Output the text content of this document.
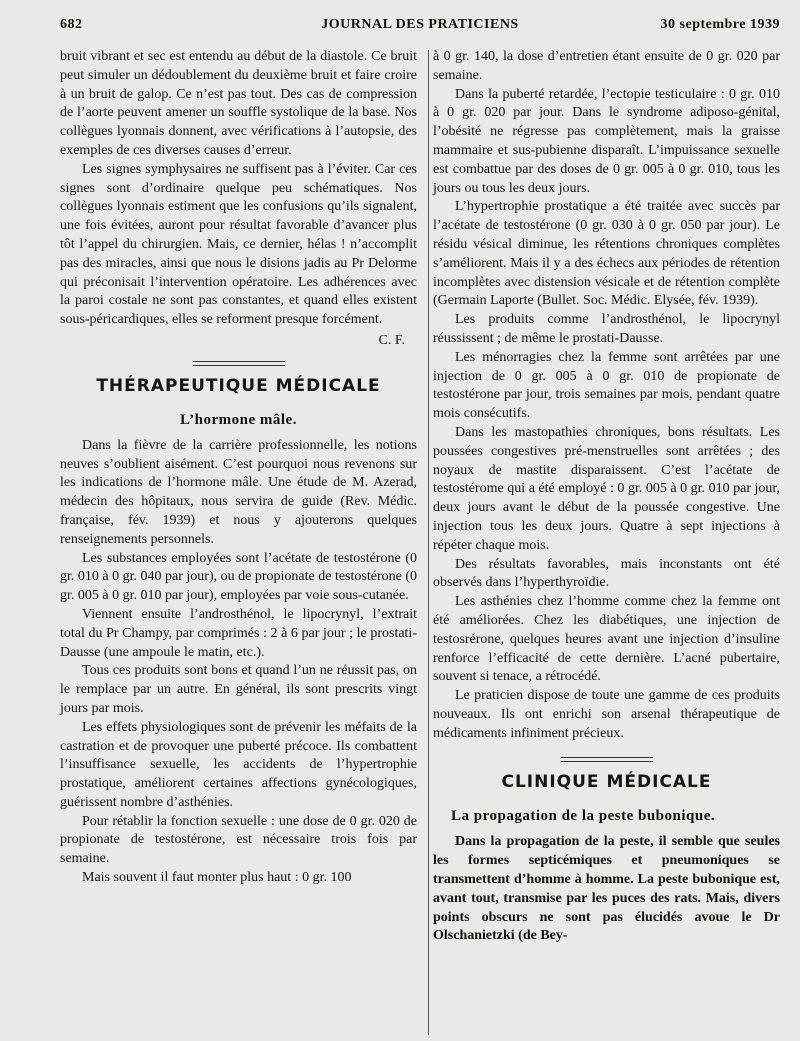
682	JOURNAL DES PRATICIENS	30 septembre 1939

bruit vibrant et sec est entendu au début de la diastole. Ce bruit peut simuler un dédoublement du deuxième bruit et faire croire à un bruit de galop. Ce n’est pas tout. Des cas de compression de l’aorte peuvent amener un souffle systolique de la base. Nos collègues lyonnais donnent, avec vérifications à l’autopsie, des exemples de ces diverses causes d’erreur.

Les signes symphysaires ne suffisent pas à l’éviter. Car ces signes sont d’ordinaire quelque peu schématiques. Nos collègues lyonnais estiment que les confusions qu’ils signalent, une fois évitées, auront pour résultat favorable d’avancer plus tôt l’appel du chirurgien. Mais, ce dernier, hélas ! n’accomplit pas des miracles, ainsi que nous le disions jadis au Pr Delorme qui préconisait l’intervention opératoire. Les adhérences avec la paroi costale ne sont pas constantes, et quand elles existent sous-péricardiques, elles se reforment presque forcément.

C. F.

THÉRAPEUTIQUE MÉDICALE
L’hormone mâle.

Dans la fièvre de la carrière professionnelle, les notions neuves s’oublient aisément. C’est pourquoi nous revenons sur les indications de l’hormone mâle. Une étude de M. Azerad, médecin des hôpitaux, nous servira de guide (Rev. Médic. française, fév. 1939) et nous y ajouterons quelques renseignements personnels.

Les substances employées sont l’acétate de testostérone (0 gr. 010 à 0 gr. 040 par jour), ou de propionate de testostérone (0 gr. 005 à 0 gr. 010 par jour), employées par voie sous-cutanée.

Viennent ensuite l’androsthénol, le lipocrynyl, l’extrait total du Pr Champy, par comprimés : 2 à 6 par jour ; le prostati-Dausse (une ampoule le matin, etc.).

Tous ces produits sont bons et quand l’un ne réussit pas, on le remplace par un autre. En général, ils sont prescrits vingt jours par mois.

Les effets physiologiques sont de prévenir les méfaits de la castration et de provoquer une puberté précoce. Ils combattent l’insuffisance sexuelle, les accidents de l’hypertrophie prostatique, améliorent certaines affections gynécologiques, guérissent nombre d’asthénies.

Pour rétablir la fonction sexuelle : une dose de 0 gr. 020 de propionate de testostérone, est nécessaire trois fois par semaine.

Mais souvent il faut monter plus haut : 0 gr. 100

à 0 gr. 140, la dose d’entretien étant ensuite de 0 gr. 020 par semaine.

Dans la puberté retardée, l’ectopie testiculaire : 0 gr. 010 à 0 gr. 020 par jour. Dans le syndrome adiposo-génital, l’obésité ne régresse pas complètement, mais la graisse mammaire et sus-pubienne disparaît. L’impuissance sexuelle est combattue par des doses de 0 gr. 005 à 0 gr. 010, tous les jours ou tous les deux jours.

L’hypertrophie prostatique a été traitée avec succès par l’acétate de testostérone (0 gr. 030 à 0 gr. 050 par jour). Le résidu vésical diminue, les rétentions chroniques complètes s’améliorent. Mais il y a des échecs aux périodes de rétention incomplètes avec distension vésicale et de rétention complète (Germain Laporte (Bullet. Soc. Médic. Elysée, fév. 1939).

Les produits comme l’androsthénol, le lipocrynyl réussissent ; de même le prostati-Dausse.

Les ménorragies chez la femme sont arrêtées par une injection de 0 gr. 005 à 0 gr. 010 de propionate de testostérone par jour, trois semaines par mois, pendant quatre mois consécutifs.

Dans les mastopathies chroniques, bons résultats. Les poussées congestives pré-menstruelles sont arrêtées ; des noyaux de mastite disparaissent. C’est l’acétate de testostérome qui a été employé : 0 gr. 005 à 0 gr. 010 par jour, deux jours avant le début de la poussée congestive. Une injection tous les deux jours. Quatre à sept injections à répéter chaque mois.

Des résultats favorables, mais inconstants ont été observés dans l’hyperthyroïdie.

Les asthénies chez l’homme comme chez la femme ont été améliorées. Chez les diabétiques, une injection de testosrérone, quelques heures avant une injection d’insuline renforce l’efficacité de cette dernière. L’acné pubertaire, souvent si tenace, a rétrocédé.

Le praticien dispose de toute une gamme de ces produits nouveaux. Ils ont enrichi son arsenal thérapeutique de médicaments infiniment précieux.

CLINIQUE MÉDICALE
La propagation de la peste bubonique.

Dans la propagation de la peste, il semble que seules les formes septicémiques et pneumoniques se transmettent d’homme à homme. La peste bubonique est, avant tout, transmise par les puces des rats. Mais, divers points obscurs ne sont pas élucidés avoue le Dr Olschanietzki (de Bey-
